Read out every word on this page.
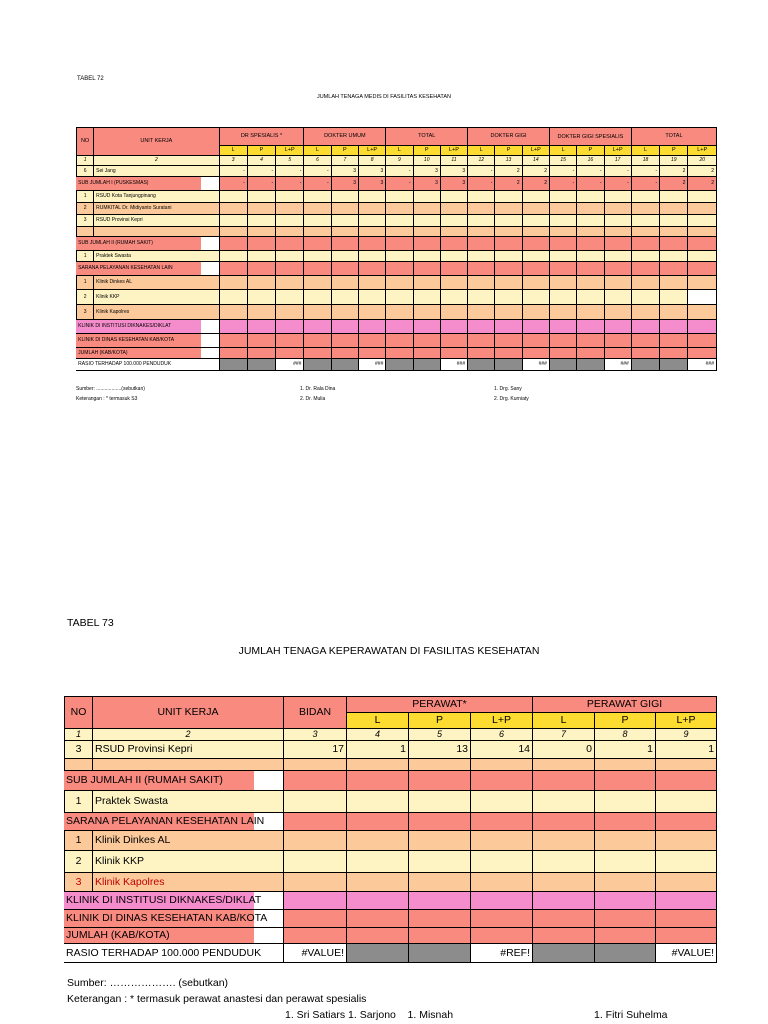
TABEL 72
JUMLAH TENAGA MEDIS DI FASILITAS KESEHATAN
NO	UNIT KERJA	DR SPESIALIS *	DOKTER UMUM	TOTAL	DOKTER GIGI	DOKTER GIGI SPESIALIS	TOTAL
L	P	L+P	L	P	L+P	L	P	L+P	L	P	L+P	L	P	L+P	L	P	L+P
1	2	3	4	5	6	7	8	9	10	11	12	13	14	15	16	17	18	19	20
6	Sei Jang	-	-	-	-	3	3	-	3	3	-	2	2	-	-	-	-	2	2
	SUB JUMLAH I (PUSKESMAS)	-	-	-	-	3	3	-	3	3	-	2	2	-	-	-	-	2	2
1	RSUD Kota Tanjungpinang																		
2	RUMKITAL Dr. Midiyanto Suratani																		
3	RSUD Provinsi Kepri																		

	SUB JUMLAH II (RUMAH SAKIT)																		
1	Praktek Swasta																		
	SARANA PELAYANAN KESEHATAN LAIN																		
1	Klinik Dinkes AL																		
2	Klinik KKP																		
3	Klinik Kapolres																		
	KLINIK DI INSTITUSI DIKNAKES/DIKLAT																		
	KLINIK DI DINAS KESEHATAN KAB/KOTA																		
	JUMLAH (KAB/KOTA)																		
	RASIO TERHADAP 100.000 PENDUDUK			###			###			###			###			###			###
Sumber: ..................(sebutkan)
Keterangan : * termasuk S3
1. Dr. Rala Dina
2. Dr. Mulia
1. Drg. Sany
2. Drg. Kurniaty
TABEL 73
JUMLAH TENAGA KEPERAWATAN DI FASILITAS KESEHATAN
NO	UNIT KERJA	BIDAN	PERAWAT*	PERAWAT GIGI
L	P	L+P	L	P	L+P
1	2	3	4	5	6	7	8	9
3	RSUD Provinsi Kepri	17	1	13	14	0	1	1

	SUB JUMLAH II (RUMAH SAKIT)							
1	Praktek Swasta							
	SARANA PELAYANAN KESEHATAN LAIN							
1	Klinik Dinkes AL							
2	Klinik KKP							
3	Klinik Kapolres							
	KLINIK DI INSTITUSI DIKNAKES/DIKLAT							
	KLINIK DI DINAS KESEHATAN KAB/KOTA							
	JUMLAH (KAB/KOTA)							
	RASIO TERHADAP 100.000 PENDUDUK	#VALUE!			#REF!			#VALUE!
Sumber: ………………. (sebutkan)
Keterangan : * termasuk perawat anastesi dan perawat spesialis
1. Sri Satiars 1. Sarjono    1. Misnah	1. Fitri Suhelma
